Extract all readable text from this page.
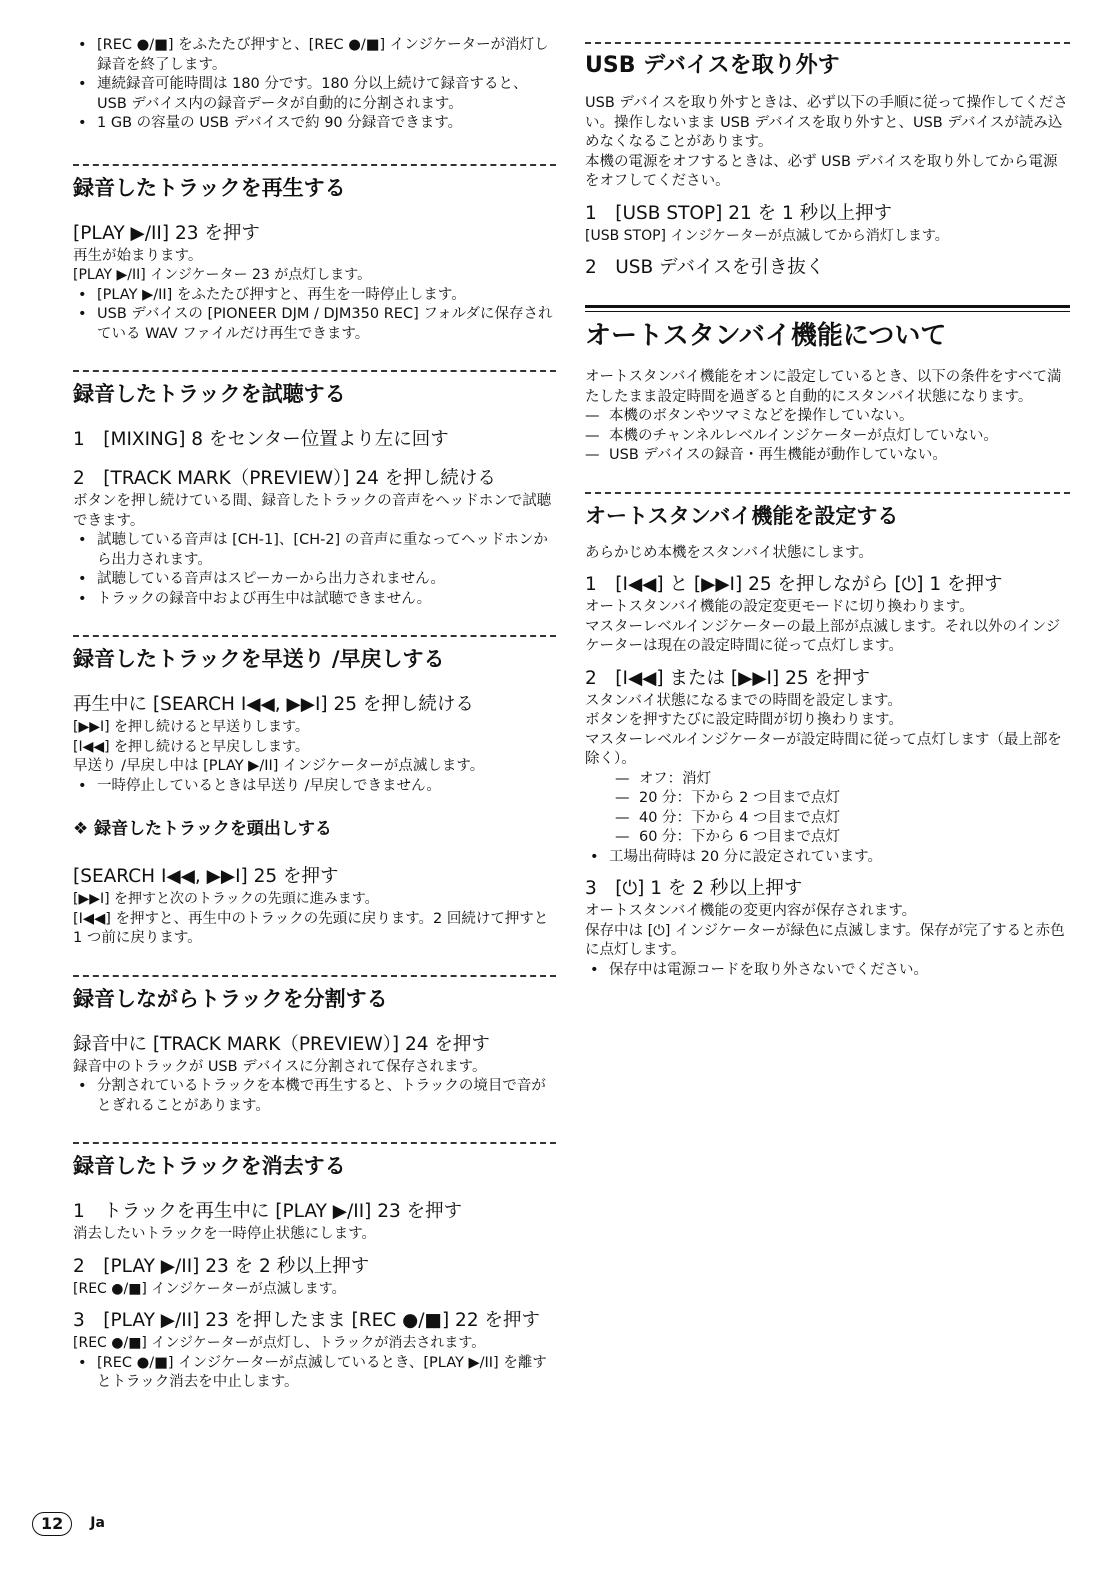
• [REC ●/■] をふたたび押すと、[REC ●/■] インジケーターが消灯し録音を終了します。
• 連続録音可能時間は 180 分です。180 分以上続けて録音すると、USB デバイス内の録音データが自動的に分割されます。
• 1 GB の容量の USB デバイスで約 90 分録音できます。
録音したトラックを再生する
[PLAY ▶/II] 23 を押す

再生が始まります。

[PLAY ▶/II] インジケーター 23 が点灯します。

• [PLAY ▶/II] をふたたび押すと、再生を一時停止します。
• USB デバイスの [PIONEER DJM / DJM350 REC] フォルダに保存されている WAV ファイルだけ再生できます。
録音したトラックを試聴する
1　[MIXING] 8 をセンター位置より左に回す
2　[TRACK MARK（PREVIEW）] 24 を押し続ける

ボタンを押し続けている間、録音したトラックの音声をヘッドホンで試聴できます。

• 試聴している音声は [CH-1]、[CH-2] の音声に重なってヘッドホンから出力されます。
• 試聴している音声はスピーカーから出力されません。
• トラックの録音中および再生中は試聴できません。
録音したトラックを早送り /早戻しする
再生中に [SEARCH I◀◀, ▶▶I] 25 を押し続ける

[▶▶I] を押し続けると早送りします。

[I◀◀] を押し続けると早戻しします。

早送り /早戻し中は [PLAY ▶/II] インジケーターが点滅します。

• 一時停止しているときは早送り /早戻しできません。
❖ 録音したトラックを頭出しする
[SEARCH I◀◀, ▶▶I] 25 を押す

[▶▶I] を押すと次のトラックの先頭に進みます。

[I◀◀] を押すと、再生中のトラックの先頭に戻ります。2 回続けて押すと 1 つ前に戻ります。

録音しながらトラックを分割する
録音中に [TRACK MARK（PREVIEW）] 24 を押す

録音中のトラックが USB デバイスに分割されて保存されます。

• 分割されているトラックを本機で再生すると、トラックの境目で音がとぎれることがあります。
録音したトラックを消去する
1　トラックを再生中に [PLAY ▶/II] 23 を押す

消去したいトラックを一時停止状態にします。

2　[PLAY ▶/II] 23 を 2 秒以上押す

[REC ●/■] インジケーターが点滅します。

3　[PLAY ▶/II] 23 を押したまま [REC ●/■] 22 を押す

[REC ●/■] インジケーターが点灯し、トラックが消去されます。

• [REC ●/■] インジケーターが点滅しているとき、[PLAY ▶/II] を離すとトラック消去を中止します。
USB デバイスを取り外す

USB デバイスを取り外すときは、必ず以下の手順に従って操作してください。操作しないまま USB デバイスを取り外すと、USB デバイスが読み込めなくなることがあります。

本機の電源をオフするときは、必ず USB デバイスを取り外してから電源をオフしてください。

1　[USB STOP] 21 を 1 秒以上押す

[USB STOP] インジケーターが点滅してから消灯します。

2　USB デバイスを引き抜く
オートスタンバイ機能について

オートスタンバイ機能をオンに設定しているとき、以下の条件をすべて満たしたまま設定時間を過ぎると自動的にスタンバイ状態になります。

— 本機のボタンやツマミなどを操作していない。
— 本機のチャンネルレベルインジケーターが点灯していない。
— USB デバイスの録音・再生機能が動作していない。
オートスタンバイ機能を設定する

あらかじめ本機をスタンバイ状態にします。

1　[I◀◀] と [▶▶I] 25 を押しながら [⏻] 1 を押す

オートスタンバイ機能の設定変更モードに切り換わります。

マスターレベルインジケーターの最上部が点滅します。それ以外のインジケーターは現在の設定時間に従って点灯します。

2　[I◀◀] または [▶▶I] 25 を押す

スタンバイ状態になるまでの時間を設定します。

ボタンを押すたびに設定時間が切り換わります。

マスターレベルインジケーターが設定時間に従って点灯します（最上部を除く）。

— オフ：消灯
— 20 分：下から 2 つ目まで点灯
— 40 分：下から 4 つ目まで点灯
— 60 分：下から 6 つ目まで点灯
• 工場出荷時は 20 分に設定されています。
3　[⏻] 1 を 2 秒以上押す

オートスタンバイ機能の変更内容が保存されます。

保存中は [⏻] インジケーターが緑色に点滅します。保存が完了すると赤色に点灯します。

• 保存中は電源コードを取り外さないでください。
12	Ja
